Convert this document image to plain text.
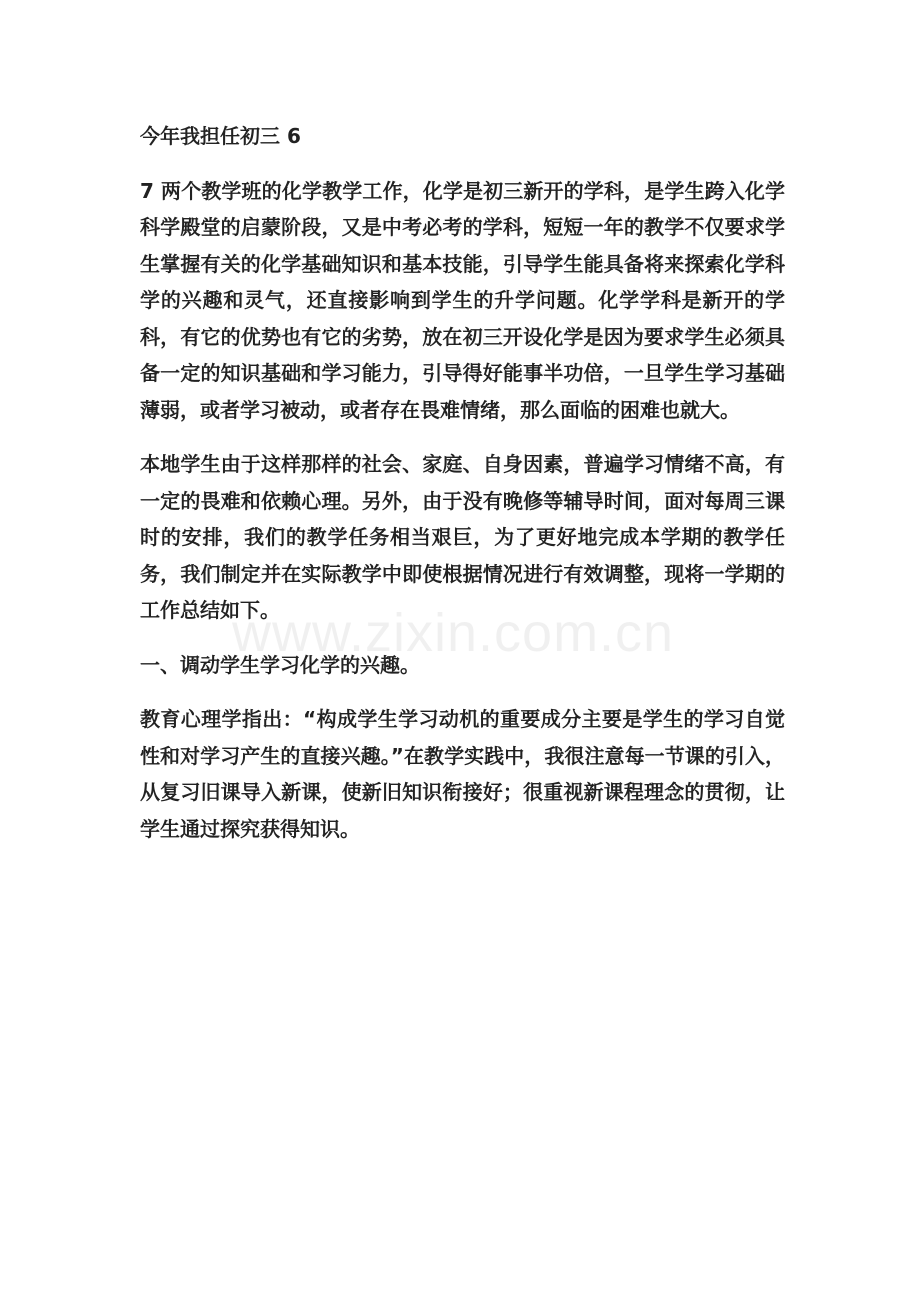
www.zixin.com.cn

今年我担任初三 6

7 两个教学班的化学教学工作，化学是初三新开的学科，是学生跨入化学科学殿堂的启蒙阶段，又是中考必考的学科，短短一年的教学不仅要求学生掌握有关的化学基础知识和基本技能，引导学生能具备将来探索化学科学的兴趣和灵气，还直接影响到学生的升学问题。化学学科是新开的学科，有它的优势也有它的劣势，放在初三开设化学是因为要求学生必须具备一定的知识基础和学习能力，引导得好能事半功倍，一旦学生学习基础薄弱，或者学习被动，或者存在畏难情绪，那么面临的困难也就大。

本地学生由于这样那样的社会、家庭、自身因素，普遍学习情绪不高，有一定的畏难和依赖心理。另外，由于没有晚修等辅导时间，面对每周三课时的安排，我们的教学任务相当艰巨，为了更好地完成本学期的教学任务，我们制定并在实际教学中即使根据情况进行有效调整，现将一学期的工作总结如下。

一、调动学生学习化学的兴趣。

教育心理学指出：“构成学生学习动机的重要成分主要是学生的学习自觉性和对学习产生的直接兴趣。”在教学实践中，我很注意每一节课的引入，从复习旧课导入新课，使新旧知识衔接好；很重视新课程理念的贯彻，让学生通过探究获得知识。
